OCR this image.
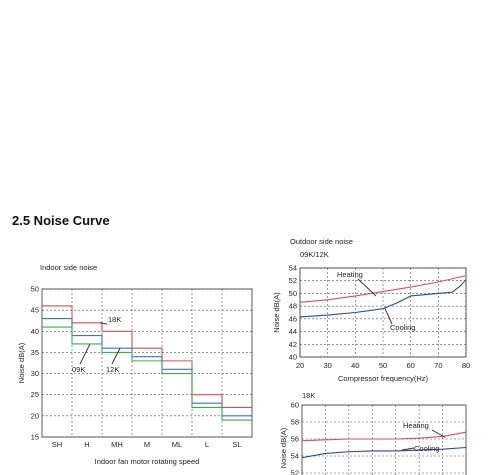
2.5 Noise Curve
Indoor side noise
Outdoor side noise
09K/12K
18K
15
20
25
30
35
40
45
50
SH	H	MH	M	ML	L	SL
Indoor fan motor rotating speed
Noise dB(A)
18K
12K
09K
40
42
44
46
48
50
52
54
20	30	40	50	60	70	80
Compressor frequency(Hz)
Noise dB(A)
Heating
Cooling
52
54
56
58
60
Noise dB(A)
Heating
Cooling
